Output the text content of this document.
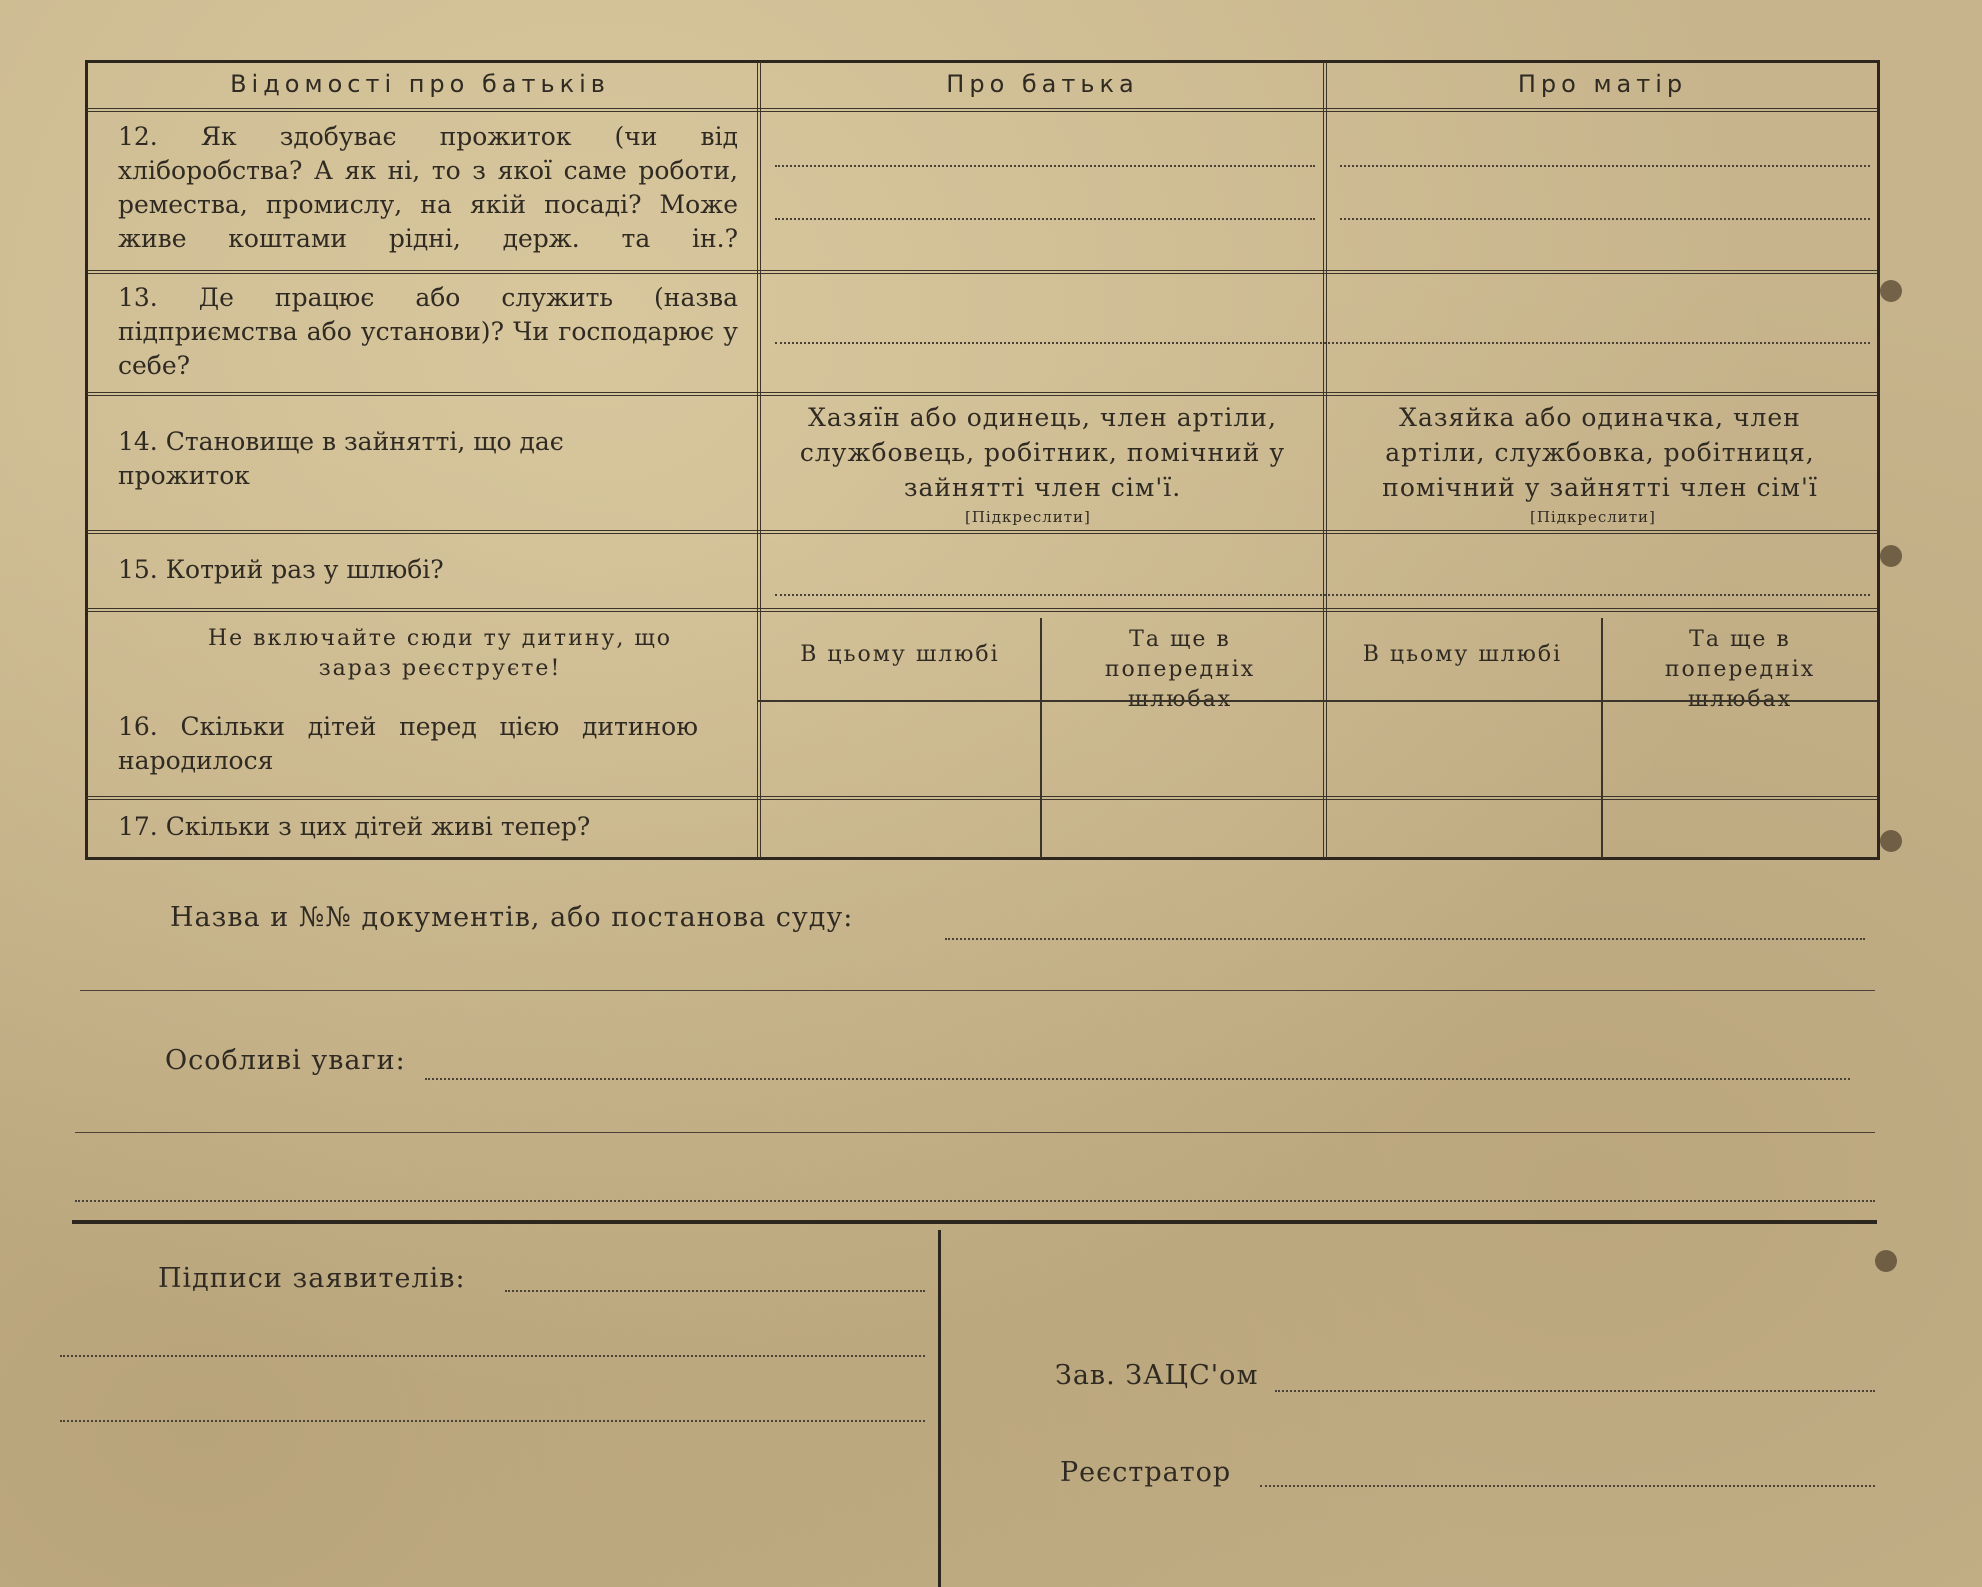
Відомості про батьків	Про батька	Про матір
12. Як здобуває прожиток (чи від хліборобства? А як ні, то з якої саме роботи, ремества, промислу, на якій посаді? Може живе коштами рідні, держ. та ін.?
13. Де працює або служить (назва підприємства або установи)? Чи господарює у себе?
14. Становище в зайнятті, що дає прожиток
Хазяїн або одинець, член артіли, службовець, робітник, помічний у зайнятті член сім'ї.
[Підкреслити]
Хазяйка або одиначка, член артіли, службовка, робітниця, помічний у зайнятті член сім'ї
[Підкреслити]
15. Котрий раз у шлюбі?
Не включайте сюди ту дитину, що зараз реєструєте!
В цьому шлюбі
Та ще в попередніх шлюбах
В цьому шлюбі
Та ще в попередніх шлюбах
16. Скільки дітей перед цією дитиною народилося
17. Скільки з цих дітей живі тепер?
Назва и №№ документів, або постанова суду:
Особливі уваги:
Підписи заявителів:
Зав. ЗАЦС'ом
Реєстратор
